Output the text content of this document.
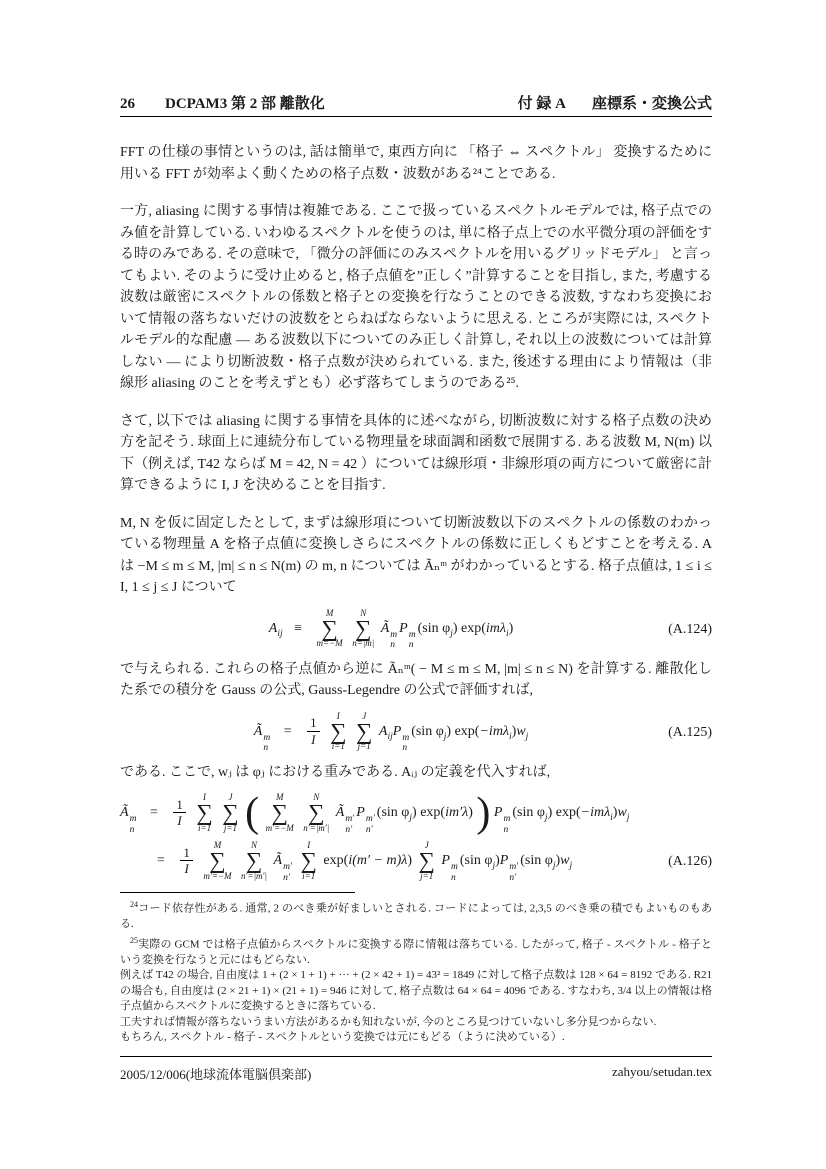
26 DCPAM3 第 2 部 離散化	付 録 A 座標系・変換公式

FFT の仕様の事情というのは, 話は簡単で, 東西方向に 「格子 ⇔ スペクトル」 変換するために用いる FFT が効率よく動くための格子点数・波数がある²⁴ことである.

一方, aliasing に関する事情は複雑である. ここで扱っているスペクトルモデルでは, 格子点でのみ値を計算している. いわゆるスペクトルを使うのは, 単に格子点上での水平微分項の評価をする時のみである. その意味で, 「微分の評価にのみスペクトルを用いるグリッドモデル」 と言ってもよい. そのように受け止めると, 格子点値を”正しく”計算することを目指し, また, 考慮する波数は厳密にスペクトルの係数と格子との変換を行なうことのできる波数, すなわち変換において情報の落ちないだけの波数をとらねばならないように思える. ところが実際には, スペクトルモデル的な配慮 — ある波数以下についてのみ正しく計算し, それ以上の波数については計算しない — により切断波数・格子点数が決められている. また, 後述する理由により情報は（非線形 aliasing のことを考えずとも）必ず落ちてしまうのである²⁵.

さて, 以下では aliasing に関する事情を具体的に述べながら, 切断波数に対する格子点数の決め方を記そう. 球面上に連続分布している物理量を球面調和函数で展開する. ある波数 M, N(m) 以下（例えば, T42 ならば M = 42, N = 42 ）については線形項・非線形項の両方について厳密に計算できるように I, J を決めることを目指す.

M, N を仮に固定したとして, まずは線形項について切断波数以下のスペクトルの係数のわかっている物理量 A を格子点値に変換しさらにスペクトルの係数に正しくもどすことを考える. A は −M ≤ m ≤ M, |m| ≤ n ≤ N(m) の m, n については Ãₙᵐ がわかっているとする. 格子点値は, 1 ≤ i ≤ I, 1 ≤ j ≤ J について

$A_{ij}$ ≡
M
∑
m=−M

N
∑
n=|m|
Ã m
n
P m
n
(sin $\varphi_j$) exp(imλ$_i$)	(A.124)

で与えられる. これらの格子点値から逆に Ãₙᵐ( − M ≤ m ≤ M, |m| ≤ n ≤ N) を計算する. 離散化した系での積分を Gauss の公式, Gauss-Legendre の公式で評価すれば,

Ã m
n
= $\frac{1}{I}$
I
∑
i=1

J
∑
j=1
$A_{ij}P$ m
n
(sin $\varphi_j$) $\exp(-im\lambda_i)w_j$	(A.125)

である. ここで, wⱼ は φⱼ における重みである. Aᵢⱼ の定義を代入すれば,

Ã m
n
= $\frac{1}{I}$
I
∑
i=1

J
∑
j=1 ( M
∑
m′=−M

N
∑
n′=|m′|
Ã m′
n′
P m′
n′
(sin $\varphi_j$) exp(im′λ) ) P m
n
(sin $\varphi_j$) $\exp(-im\lambda_i)w_j$
= $\frac{1}{I}$
M
∑
m′=−M

N
∑
n′=|m′|
Ã m′
n′

I
∑
i=1
exp(i(m′ − m)λ)
J
∑
j=1
P m
n
(sin $\varphi_j)P$ m′
n′
(sin $\varphi_j)w_j$	(A.126)

$^{24}$コード依存性がある. 通常, 2 のべき乗が好ましいとされる. コードによっては, 2,3,5 のべき乗の積でもよいものもある.

$^{25}$実際の GCM では格子点値からスペクトルに変換する際に情報は落ちている. したがって, 格子 - スペクトル - 格子という変換を行なうと元にはもどらない.

例えば T42 の場合, 自由度は 1 + (2 × 1 + 1) + ··· + (2 × 42 + 1) = 43² = 1849 に対して格子点数は 128 × 64 = 8192 である. R21 の場合も, 自由度は (2 × 21 + 1) × (21 + 1) = 946 に対して, 格子点数は 64 × 64 = 4096 である. すなわち, 3/4 以上の情報は格子点値からスペクトルに変換するときに落ちている.

工夫すれば情報が落ちないうまい方法があるかも知れないが, 今のところ見つけていないし多分見つからない.

もちろん, スペクトル - 格子 - スペクトルという変換では元にもどる（ように決めている）.

2005/12/006(地球流体電脳倶楽部)	zahyou/setudan.tex
